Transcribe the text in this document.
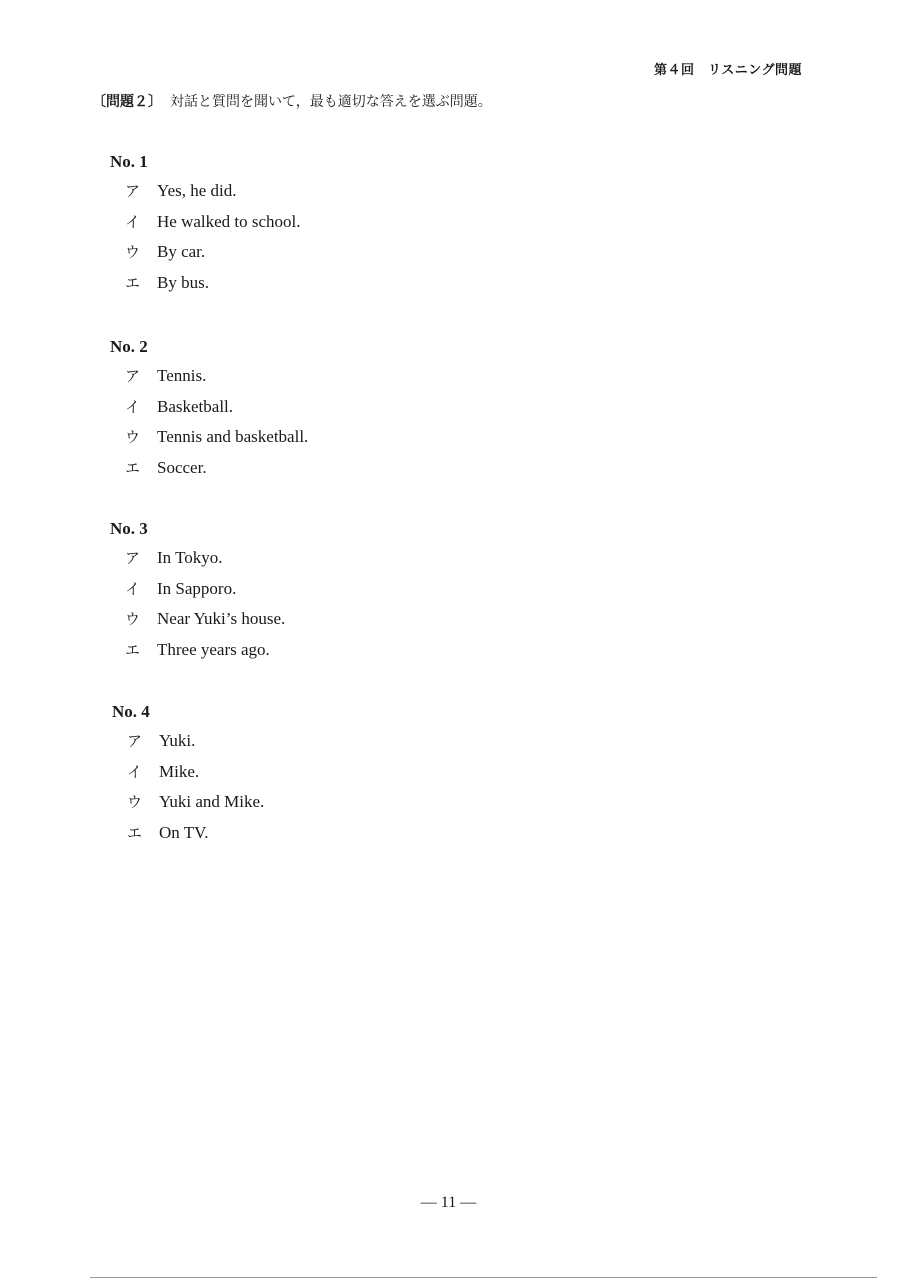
第４回　リスニング問題
〔問題２〕 対話と質問を聞いて，最も適切な答えを選ぶ問題。
No. 1
ア Yes, he did.
イ He walked to school.
ウ By car.
エ By bus.
No. 2
ア Tennis.
イ Basketball.
ウ Tennis and basketball.
エ Soccer.
No. 3
ア In Tokyo.
イ In Sapporo.
ウ Near Yuki’s house.
エ Three years ago.
No. 4
ア Yuki.
イ Mike.
ウ Yuki and Mike.
エ On TV.
― 11 ―
